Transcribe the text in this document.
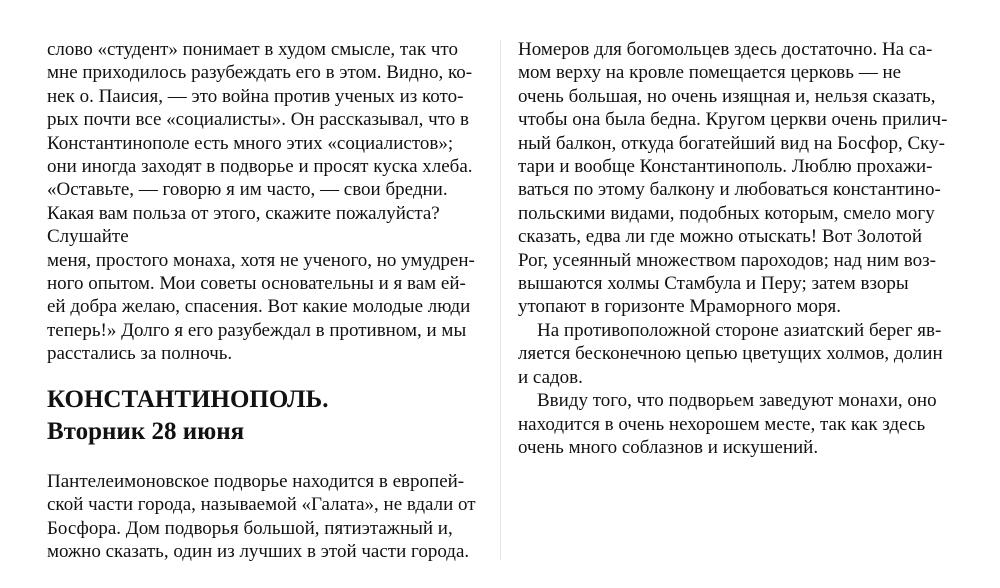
слово «студент» понимает в худом смысле, так что
мне приходилось разубеждать его в этом. Видно, ко-
нек о. Паисия, — это война против ученых из кото-
рых почти все «социалисты». Он рассказывал, что в
Константинополе есть много этих «социалистов»;
они иногда заходят в подворье и просят куска хлеба.
«Оставьте, — говорю я им часто, — свои бредни.
Какая вам польза от этого, скажите пожалуйста?
Слушайте
меня, простого монаха, хотя не ученого, но умудрен-
ного опытом. Мои советы основательны и я вам ей-
ей добра желаю, спасения. Вот какие молодые люди
теперь!» Долго я его разубеждал в противном, и мы
расстались за полночь.
КОНСТАНТИНОПОЛЬ.
Вторник 28 июня
Пантелеимоновское подворье находится в европей-
ской части города, называемой «Галата», не вдали от
Босфора. Дом подворья большой, пятиэтажный и,
можно сказать, один из лучших в этой части города.
Номеров для богомольцев здесь достаточно. На са-
мом верху на кровле помещается церковь — не
очень большая, но очень изящная и, нельзя сказать,
чтобы она была бедна. Кругом церкви очень прилич-
ный балкон, откуда богатейший вид на Босфор, Ску-
тари и вообще Константинополь. Люблю прохажи-
ваться по этому балкону и любоваться константино-
польскими видами, подобных которым, смело могу
сказать, едва ли где можно отыскать! Вот Золотой
Рог, усеянный множеством пароходов; над ним воз-
вышаются холмы Стамбула и Перу; затем взоры
утопают в горизонте Мраморного моря.
На противоположной стороне азиатский берег яв-
ляется бесконечною цепью цветущих холмов, долин
и садов.
Ввиду того, что подворьем заведуют монахи, оно
находится в очень нехорошем месте, так как здесь
очень много соблазнов и искушений.
